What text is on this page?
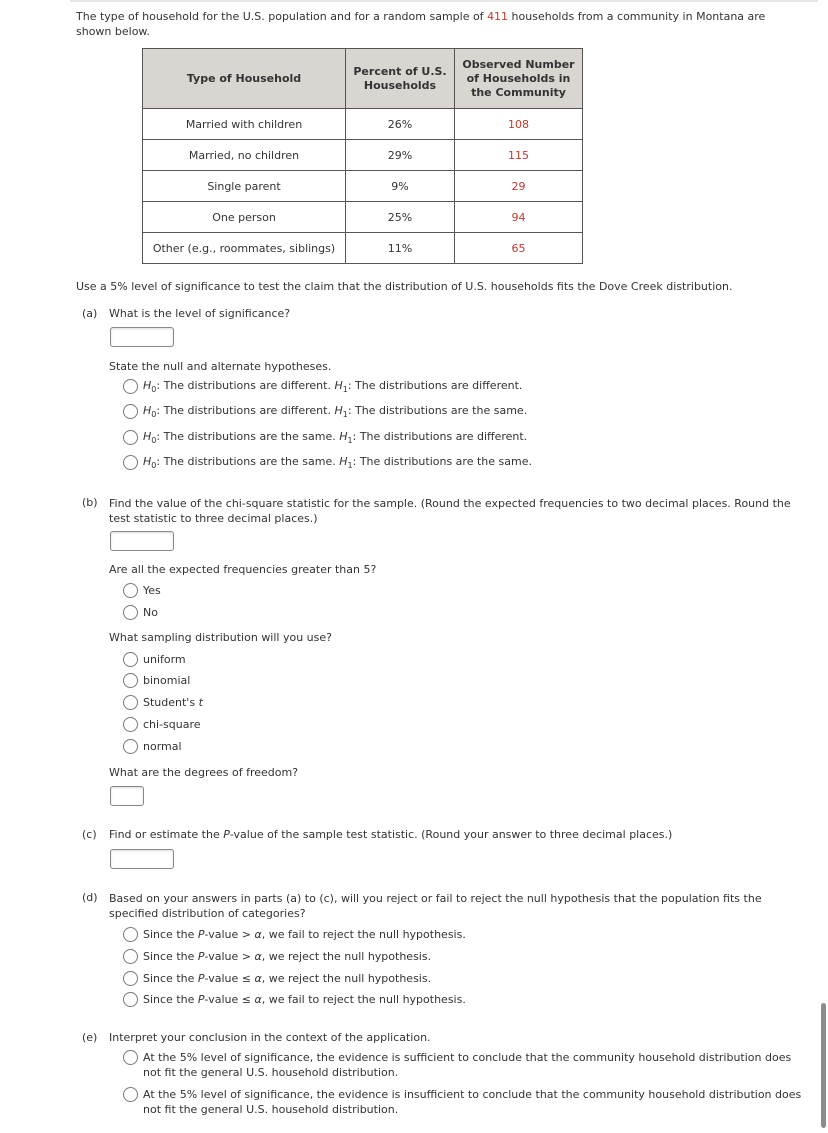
The type of household for the U.S. population and for a random sample of 411 households from a community in Montana are shown below.
Type of Household	Percent of U.S. Households	Observed Number of Households in the Community
Married with children	26%	108
Married, no children	29%	115
Single parent	9%	29
One person	25%	94
Other (e.g., roommates, siblings)	11%	65
Use a 5% level of significance to test the claim that the distribution of U.S. households fits the Dove Creek distribution.
(a) What is the level of significance?
State the null and alternate hypotheses.
$H_0$: The distributions are different. $H_1$: The distributions are different.
$H_0$: The distributions are different. $H_1$: The distributions are the same.
$H_0$: The distributions are the same. $H_1$: The distributions are different.
$H_0$: The distributions are the same. $H_1$: The distributions are the same.
(b) Find the value of the chi-square statistic for the sample. (Round the expected frequencies to two decimal places. Round the test statistic to three decimal places.)
Are all the expected frequencies greater than 5?
Yes
No
What sampling distribution will you use?
uniform
binomial
Student's t
chi-square
normal
What are the degrees of freedom?
(c) Find or estimate the P-value of the sample test statistic. (Round your answer to three decimal places.)
(d) Based on your answers in parts (a) to (c), will you reject or fail to reject the null hypothesis that the population fits the specified distribution of categories?
Since the P-value > α, we fail to reject the null hypothesis.
Since the P-value > α, we reject the null hypothesis.
Since the P-value ≤ α, we reject the null hypothesis.
Since the P-value ≤ α, we fail to reject the null hypothesis.
(e) Interpret your conclusion in the context of the application.
At the 5% level of significance, the evidence is sufficient to conclude that the community household distribution does not fit the general U.S. household distribution.
At the 5% level of significance, the evidence is insufficient to conclude that the community household distribution does not fit the general U.S. household distribution.
